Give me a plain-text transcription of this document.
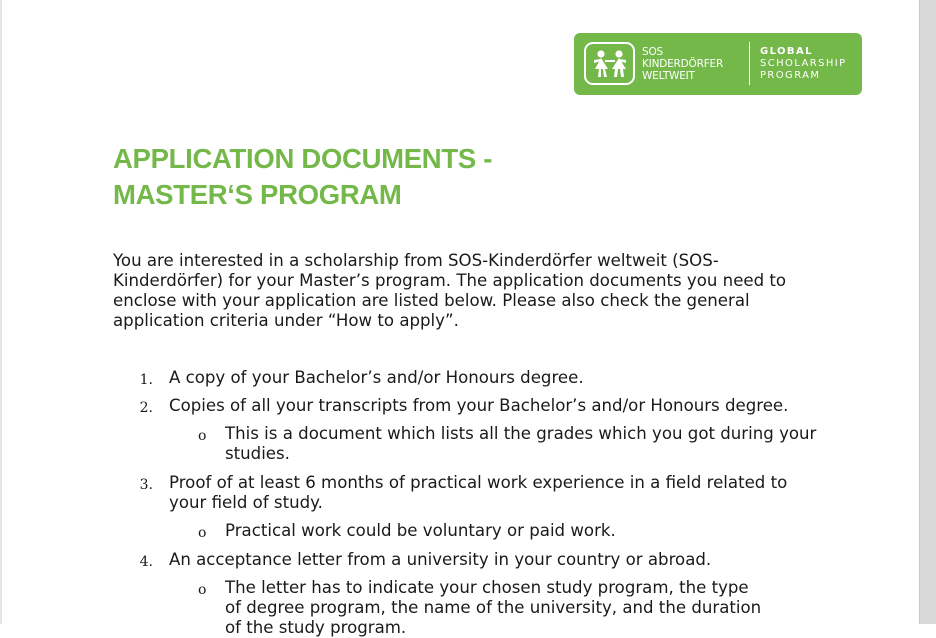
SOS
KINDERDÖRFER
WELTWEIT
GLOBAL
SCHOLARSHIP
PROGRAM
APPLICATION DOCUMENTS -
MASTER‘S PROGRAM
You are interested in a scholarship from SOS-Kinderdörfer weltweit (SOS-
Kinderdörfer) for your Master’s program. The application documents you need to
enclose with your application are listed below. Please also check the general
application criteria under “How to apply”.
1. A copy of your Bachelor’s and/or Honours degree.
2. Copies of all your transcripts from your Bachelor’s and/or Honours degree.
o This is a document which lists all the grades which you got during your
studies.
3. Proof of at least 6 months of practical work experience in a field related to
your field of study.
o Practical work could be voluntary or paid work.
4. An acceptance letter from a university in your country or abroad.
o The letter has to indicate your chosen study program, the type
of degree program, the name of the university, and the duration
of the study program.
